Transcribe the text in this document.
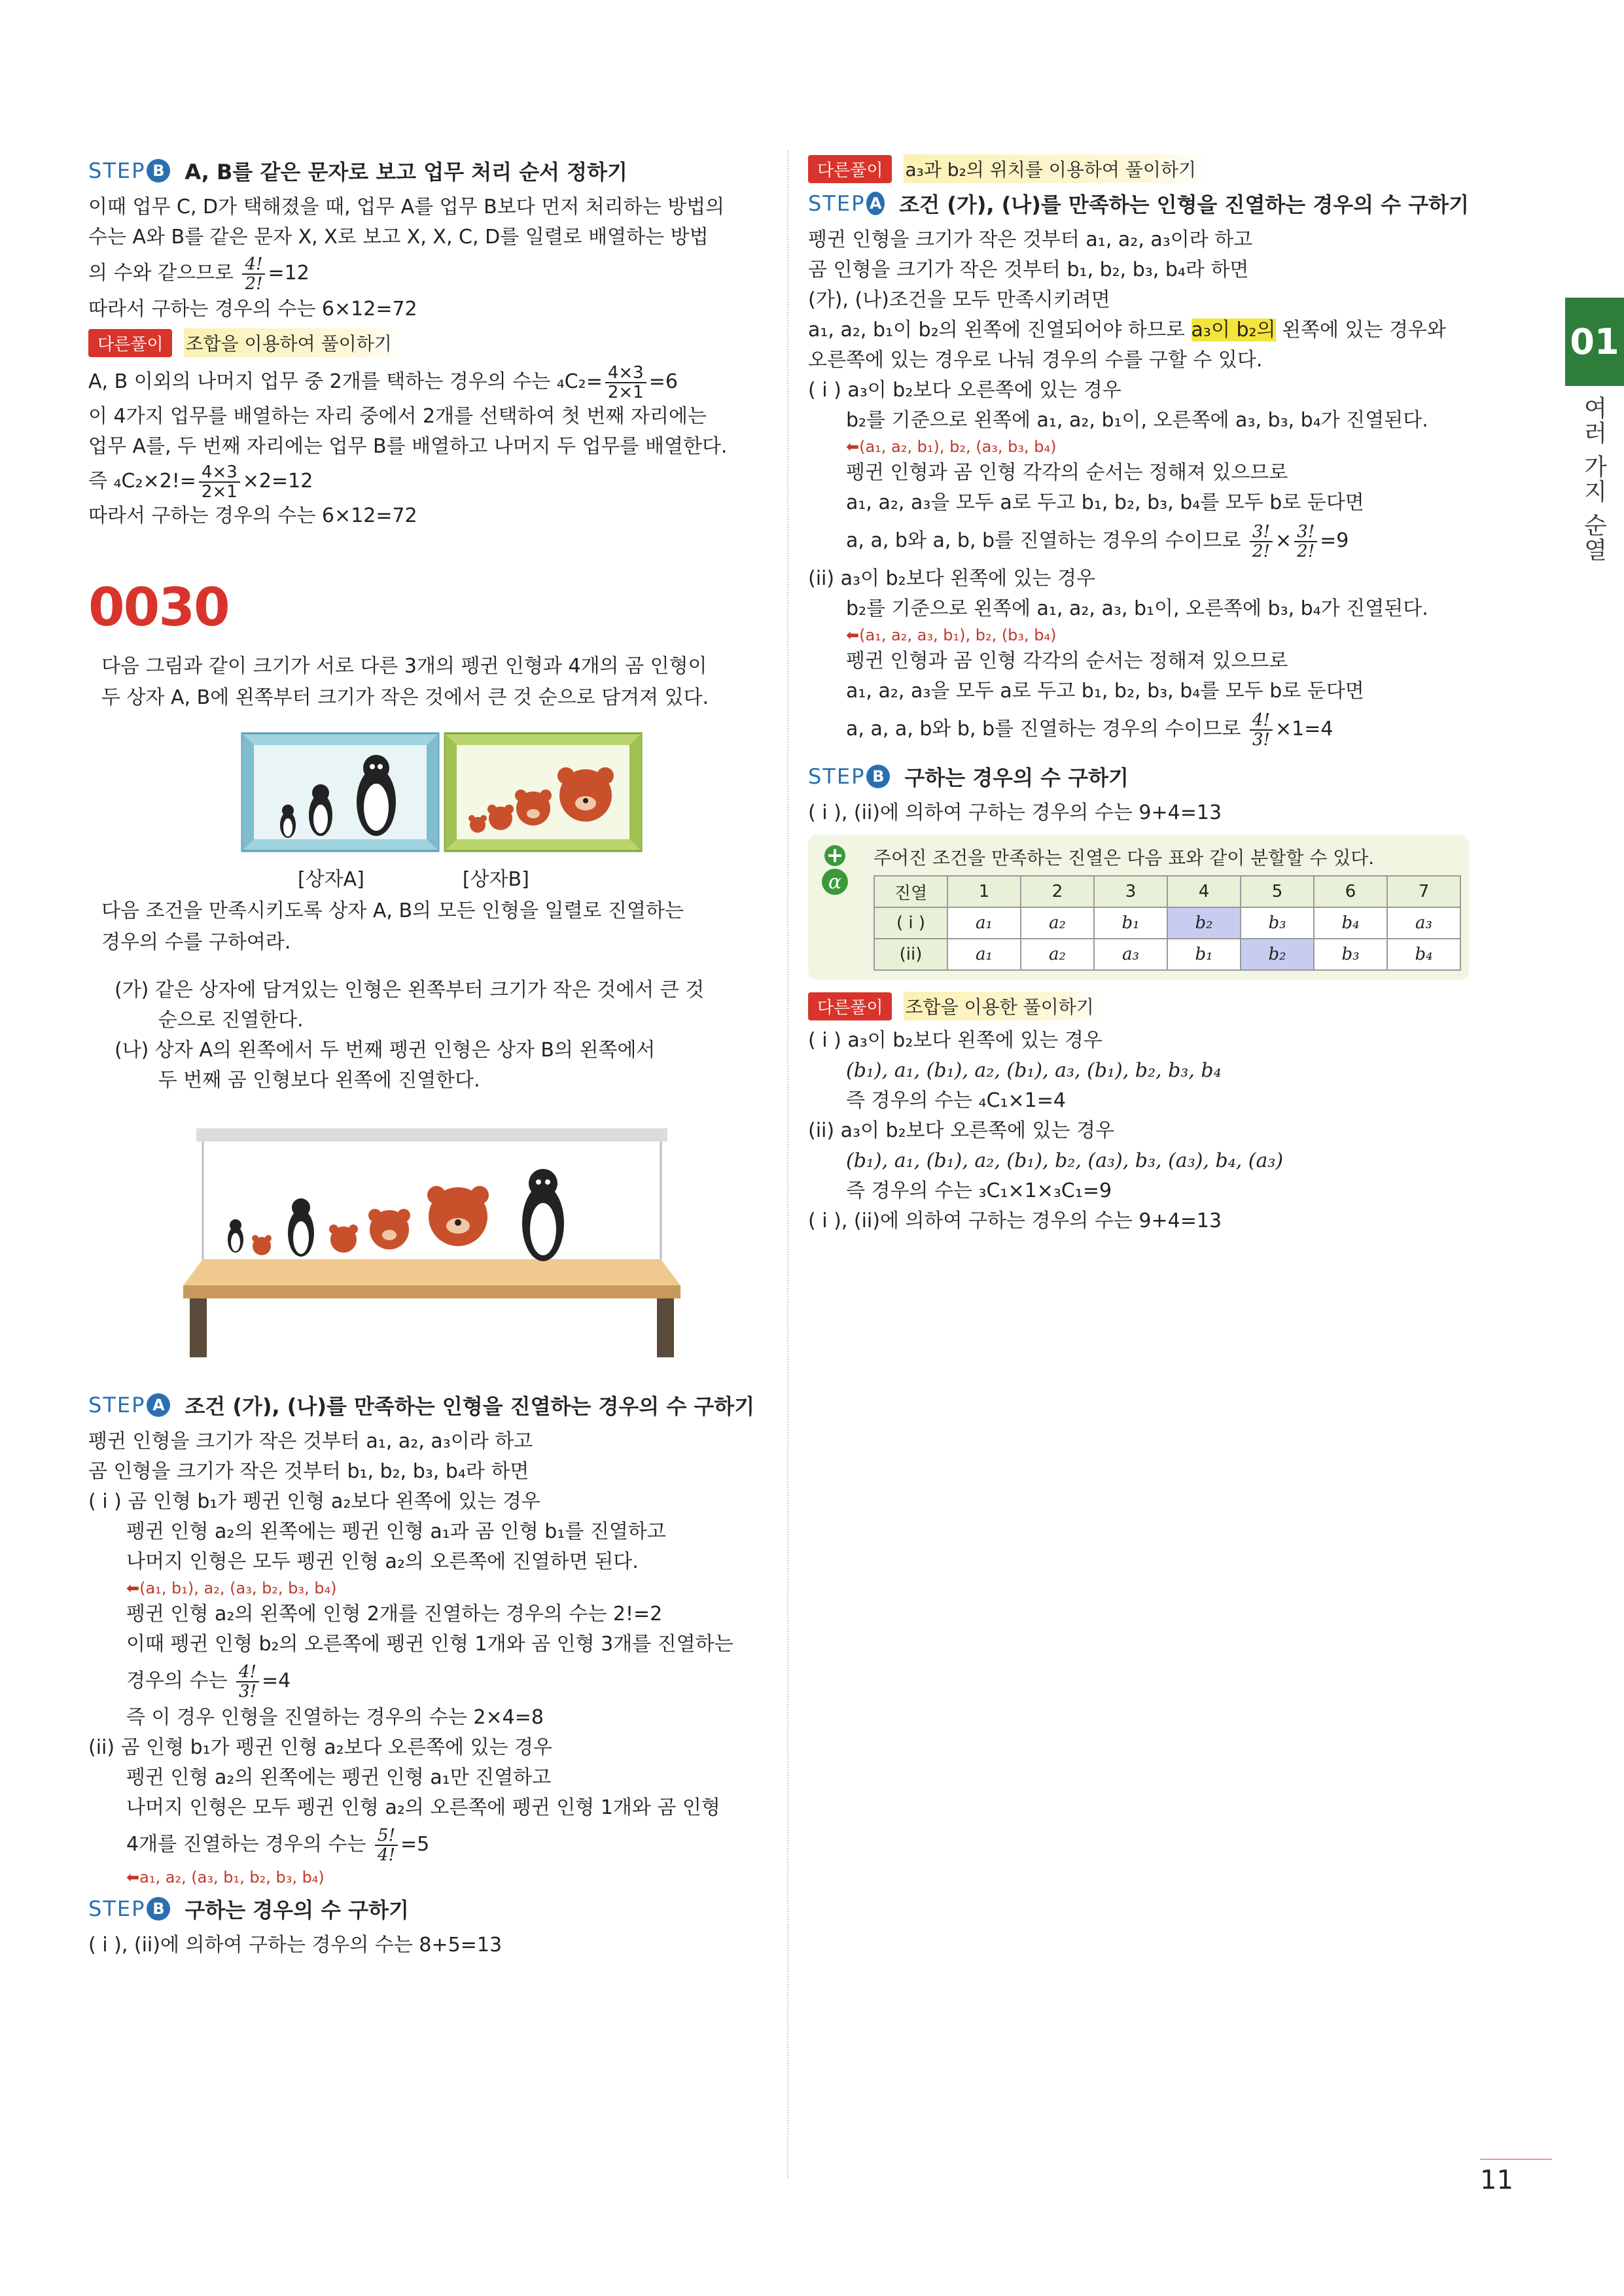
STEP B A, B를 같은 문자로 보고 업무 처리 순서 정하기

이때 업무 C, D가 택해졌을 때, 업무 A를 업무 B보다 먼저 처리하는 방법의

수는 A와 B를 같은 문자 X, X로 보고 X, X, C, D를 일렬로 배열하는 방법

의 수와 같으므로 $\frac{4!}{2!} =12$

따라서 구하는 경우의 수는 6×12=72

다른풀이	조합을 이용하여 풀이하기

A, B 이외의 나머지 업무 중 2개를 택하는 경우의 수는 $_4C_2= \frac{4\times 3}{2\times 1} =6$

이 4가지 업무를 배열하는 자리 중에서 2개를 선택하여 첫 번째 자리에는

업무 A를, 두 번째 자리에는 업무 B를 배열하고 나머지 두 업무를 배열한다.

즉 $_4C_2\times 2!= \frac{4\times 3}{2\times 1} \times 2=12$

따라서 구하는 경우의 수는 6×12=72

0030
다음 그림과 같이 크기가 서로 다른 3개의 펭귄 인형과 4개의 곰 인형이
두 상자 A, B에 왼쪽부터 크기가 작은 것에서 큰 것 순으로 담겨져 있다.
[상자A]	[상자B]
다음 조건을 만족시키도록 상자 A, B의 모든 인형을 일렬로 진열하는
경우의 수를 구하여라.
(가) 같은 상자에 담겨있는 인형은 왼쪽부터 크기가 작은 것에서 큰 것
순으로 진열한다.
(나) 상자 A의 왼쪽에서 두 번째 펭귄 인형은 상자 B의 왼쪽에서
두 번째 곰 인형보다 왼쪽에 진열한다.
STEP A 조건 (가), (나)를 만족하는 인형을 진열하는 경우의 수 구하기

펭귄 인형을 크기가 작은 것부터 a₁, a₂, a₃이라 하고

곰 인형을 크기가 작은 것부터 b₁, b₂, b₃, b₄라 하면

( i ) 곰 인형 b₁가 펭귄 인형 a₂보다 왼쪽에 있는 경우

펭귄 인형 a₂의 왼쪽에는 펭귄 인형 a₁과 곰 인형 b₁를 진열하고

나머지 인형은 모두 펭귄 인형 a₂의 오른쪽에 진열하면 된다.

⬅(a₁, b₁), a₂, (a₃, b₂, b₃, b₄)

펭귄 인형 a₂의 왼쪽에 인형 2개를 진열하는 경우의 수는 2!=2

이때 펭귄 인형 b₂의 오른쪽에 펭귄 인형 1개와 곰 인형 3개를 진열하는

경우의 수는 $\frac{4!}{3!} =4$

즉 이 경우 인형을 진열하는 경우의 수는 2×4=8

(ii) 곰 인형 b₁가 펭귄 인형 a₂보다 오른쪽에 있는 경우

펭귄 인형 a₂의 왼쪽에는 펭귄 인형 a₁만 진열하고

나머지 인형은 모두 펭귄 인형 a₂의 오른쪽에 펭귄 인형 1개와 곰 인형

4개를 진열하는 경우의 수는 $\frac{5!}{4!} =5$

⬅a₁, a₂, (a₃, b₁, b₂, b₃, b₄)
STEP B 구하는 경우의 수 구하기

( i ), (ii)에 의하여 구하는 경우의 수는 8+5=13

다른풀이	a₃과 b₂의 위치를 이용하여 풀이하기
STEP A 조건 (가), (나)를 만족하는 인형을 진열하는 경우의 수 구하기

펭귄 인형을 크기가 작은 것부터 a₁, a₂, a₃이라 하고

곰 인형을 크기가 작은 것부터 b₁, b₂, b₃, b₄라 하면

(가), (나)조건을 모두 만족시키려면

a₁, a₂, b₁이 b₂의 왼쪽에 진열되어야 하므로 a₃이 b₂의 왼쪽에 있는 경우와

오른쪽에 있는 경우로 나눠 경우의 수를 구할 수 있다.

( i ) a₃이 b₂보다 오른쪽에 있는 경우

b₂를 기준으로 왼쪽에 a₁, a₂, b₁이, 오른쪽에 a₃, b₃, b₄가 진열된다.

⬅(a₁, a₂, b₁), b₂, (a₃, b₃, b₄)

펭귄 인형과 곰 인형 각각의 순서는 정해져 있으므로

a₁, a₂, a₃을 모두 a로 두고 b₁, b₂, b₃, b₄를 모두 b로 둔다면

a, a, b와 a, b, b를 진열하는 경우의 수이므로 $\frac{3!}{2!} \times \frac{3!}{2!} =9$

(ii) a₃이 b₂보다 왼쪽에 있는 경우

b₂를 기준으로 왼쪽에 a₁, a₂, a₃, b₁이, 오른쪽에 b₃, b₄가 진열된다.

⬅(a₁, a₂, a₃, b₁), b₂, (b₃, b₄)

펭귄 인형과 곰 인형 각각의 순서는 정해져 있으므로

a₁, a₂, a₃을 모두 a로 두고 b₁, b₂, b₃, b₄를 모두 b로 둔다면

a, a, a, b와 b, b를 진열하는 경우의 수이므로 $\frac{4!}{3!} \times 1=4$

STEP B 구하는 경우의 수 구하기

( i ), (ii)에 의하여 구하는 경우의 수는 9+4=13

α
주어진 조건을 만족하는 진열은 다음 표와 같이 분할할 수 있다.
진열	1	2	3	4	5	6	7
( i )	a₁	a₂	b₁	b₂	b₃	b₄	a₃
(ii)	a₁	a₂	a₃	b₁	b₂	b₃	b₄
다른풀이	조합을 이용한 풀이하기

( i ) a₃이 b₂보다 왼쪽에 있는 경우

(b₁), a₁, (b₁), a₂, (b₁), a₃, (b₁), b₂, b₃, b₄

즉 경우의 수는 ₄C₁×1=4

(ii) a₃이 b₂보다 오른쪽에 있는 경우

(b₁), a₁, (b₁), a₂, (b₁), b₂, (a₃), b₃, (a₃), b₄, (a₃)

즉 경우의 수는 ₃C₁×1×₃C₁=9

( i ), (ii)에 의하여 구하는 경우의 수는 9+4=13

01
여러 가지 순열
11
